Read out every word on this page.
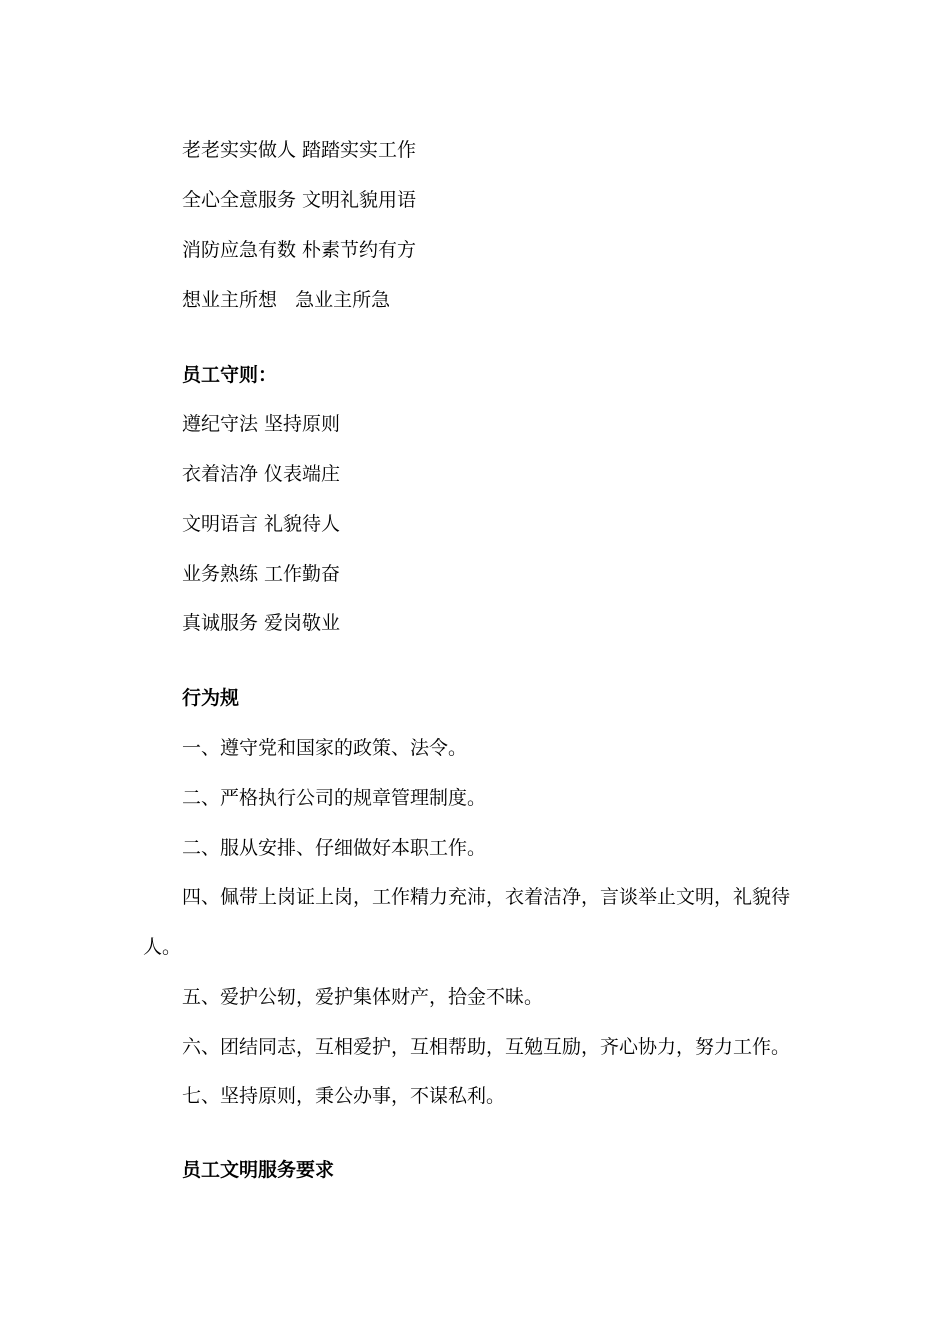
老老实实做人 踏踏实实工作

全心全意服务 文明礼貌用语

消防应急有数 朴素节约有方

想业主所想   急业主所急

员工守则：

遵纪守法 坚持原则

衣着洁净 仪表端庄

文明语言 礼貌待人

业务熟练 工作勤奋

真诚服务 爱岗敬业

行为规

一、遵守党和国家的政策、法令。

二、严格执行公司的规章管理制度。

二、服从安排、仔细做好本职工作。

四、佩带上岗证上岗，工作精力充沛，衣着洁净，言谈举止文明，礼貌待

人。

五、爱护公轫，爱护集体财产，拾金不昧。

六、团结同志，互相爱护，互相帮助，互勉互励，齐心协力，努力工作。

七、坚持原则，秉公办事，不谋私利。

员工文明服务要求
